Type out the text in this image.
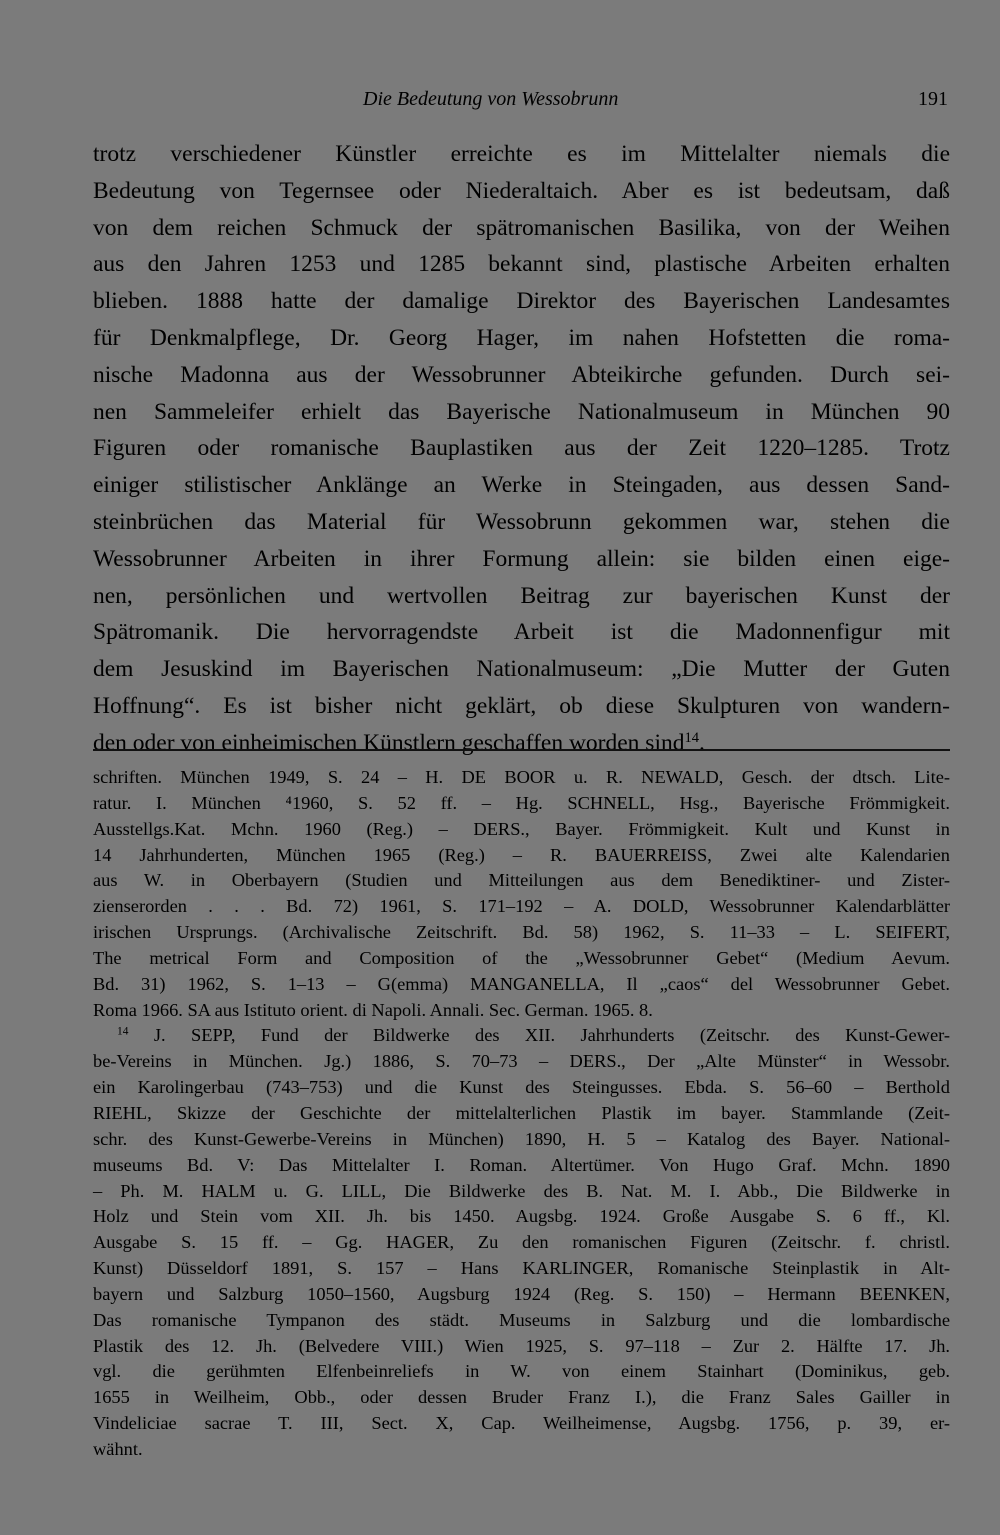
Die Bedeutung von Wessobrunn	191
trotz verschiedener Künstler erreichte es im Mittelalter niemals die
Bedeutung von Tegernsee oder Niederaltaich. Aber es ist bedeutsam, daß
von dem reichen Schmuck der spätromanischen Basilika, von der Weihen
aus den Jahren 1253 und 1285 bekannt sind, plastische Arbeiten erhalten
blieben. 1888 hatte der damalige Direktor des Bayerischen Landesamtes
für Denkmalpflege, Dr. Georg Hager, im nahen Hofstetten die roma-
nische Madonna aus der Wessobrunner Abteikirche gefunden. Durch sei-
nen Sammeleifer erhielt das Bayerische Nationalmuseum in München 90
Figuren oder romanische Bauplastiken aus der Zeit 1220–1285. Trotz
einiger stilistischer Anklänge an Werke in Steingaden, aus dessen Sand-
steinbrüchen das Material für Wessobrunn gekommen war, stehen die
Wessobrunner Arbeiten in ihrer Formung allein: sie bilden einen eige-
nen, persönlichen und wertvollen Beitrag zur bayerischen Kunst der
Spätromanik. Die hervorragendste Arbeit ist die Madonnenfigur mit
dem Jesuskind im Bayerischen Nationalmuseum: „Die Mutter der Guten
Hoffnung“. Es ist bisher nicht geklärt, ob diese Skulpturen von wandern-
den oder von einheimischen Künstlern geschaffen worden sind$^{14}$.
schriften. München 1949, S. 24 – H. DE BOOR u. R. NEWALD, Gesch. der dtsch. Lite-
ratur. I. München ⁴1960, S. 52 ff. – Hg. SCHNELL, Hsg., Bayerische Frömmigkeit.
Ausstellgs.Kat. Mchn. 1960 (Reg.) – DERS., Bayer. Frömmigkeit. Kult und Kunst in
14 Jahrhunderten, München 1965 (Reg.) – R. BAUERREISS, Zwei alte Kalendarien
aus W. in Oberbayern (Studien und Mitteilungen aus dem Benediktiner- und Zister-
zienserorden . . . Bd. 72) 1961, S. 171–192 – A. DOLD, Wessobrunner Kalendarblätter
irischen Ursprungs. (Archivalische Zeitschrift. Bd. 58) 1962, S. 11–33 – L. SEIFERT,
The metrical Form and Composition of the „Wessobrunner Gebet“ (Medium Aevum.
Bd. 31) 1962, S. 1–13 – G(emma) MANGANELLA, Il „caos“ del Wessobrunner Gebet.
Roma 1966. SA aus Istituto orient. di Napoli. Annali. Sec. German. 1965. 8.
$^{14}$ J. SEPP, Fund der Bildwerke des XII. Jahrhunderts (Zeitschr. des Kunst-Gewer-
be-Vereins in München. Jg.) 1886, S. 70–73 – DERS., Der „Alte Münster“ in Wessobr.
ein Karolingerbau (743–753) und die Kunst des Steingusses. Ebda. S. 56–60 – Berthold
RIEHL, Skizze der Geschichte der mittelalterlichen Plastik im bayer. Stammlande (Zeit-
schr. des Kunst-Gewerbe-Vereins in München) 1890, H. 5 – Katalog des Bayer. National-
museums Bd. V: Das Mittelalter I. Roman. Altertümer. Von Hugo Graf. Mchn. 1890
– Ph. M. HALM u. G. LILL, Die Bildwerke des B. Nat. M. I. Abb., Die Bildwerke in
Holz und Stein vom XII. Jh. bis 1450. Augsbg. 1924. Große Ausgabe S. 6 ff., Kl.
Ausgabe S. 15 ff. – Gg. HAGER, Zu den romanischen Figuren (Zeitschr. f. christl.
Kunst) Düsseldorf 1891, S. 157 – Hans KARLINGER, Romanische Steinplastik in Alt-
bayern und Salzburg 1050–1560, Augsburg 1924 (Reg. S. 150) – Hermann BEENKEN,
Das romanische Tympanon des städt. Museums in Salzburg und die lombardische
Plastik des 12. Jh. (Belvedere VIII.) Wien 1925, S. 97–118 – Zur 2. Hälfte 17. Jh.
vgl. die gerühmten Elfenbeinreliefs in W. von einem Stainhart (Dominikus, geb.
1655 in Weilheim, Obb., oder dessen Bruder Franz I.), die Franz Sales Gailler in
Vindeliciae sacrae T. III, Sect. X, Cap. Weilheimense, Augsbg. 1756, p. 39, er-
wähnt.
